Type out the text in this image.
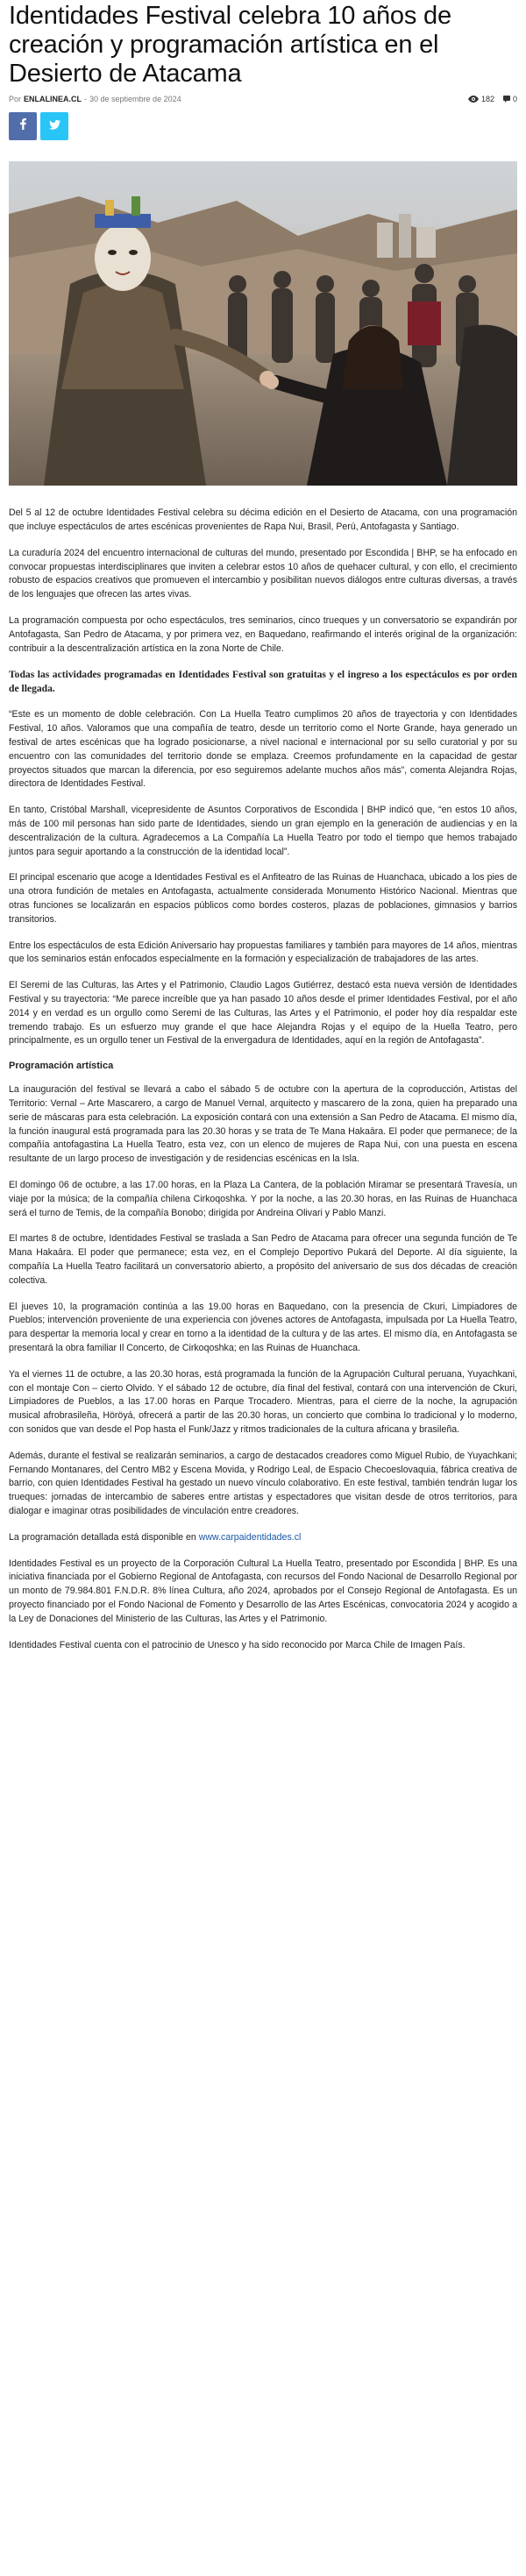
Identidades Festival celebra 10 años de creación y programación artística en el Desierto de Atacama
Por ENLALINEA.CL - 30 de septiembre de 2024	182 0

Del 5 al 12 de octubre Identidades Festival celebra su décima edición en el Desierto de Atacama, con una programación que incluye espectáculos de artes escénicas provenientes de Rapa Nui, Brasil, Perú, Antofagasta y Santiago.

La curaduría 2024 del encuentro internacional de culturas del mundo, presentado por Escondida | BHP, se ha enfocado en convocar propuestas interdisciplinares que inviten a celebrar estos 10 años de quehacer cultural, y con ello, el crecimiento robusto de espacios creativos que promueven el intercambio y posibilitan nuevos diálogos entre culturas diversas, a través de los lenguajes que ofrecen las artes vivas.

La programación compuesta por ocho espectáculos, tres seminarios, cinco trueques y un conversatorio se expandirán por Antofagasta, San Pedro de Atacama, y por primera vez, en Baquedano, reafirmando el interés original de la organización: contribuir a la descentralización artística en la zona Norte de Chile.

Todas las actividades programadas en Identidades Festival son gratuitas y el ingreso a los espectáculos es por orden de llegada.

“Este es un momento de doble celebración. Con La Huella Teatro cumplimos 20 años de trayectoria y con Identidades Festival, 10 años. Valoramos que una compañía de teatro, desde un territorio como el Norte Grande, haya generado un festival de artes escénicas que ha logrado posicionarse, a nivel nacional e internacional por su sello curatorial y por su encuentro con las comunidades del territorio donde se emplaza. Creemos profundamente en la capacidad de gestar proyectos situados que marcan la diferencia, por eso seguiremos adelante muchos años más”, comenta Alejandra Rojas, directora de Identidades Festival.

En tanto, Cristóbal Marshall, vicepresidente de Asuntos Corporativos de Escondida | BHP indicó que, “en estos 10 años, más de 100 mil personas han sido parte de Identidades, siendo un gran ejemplo en la generación de audiencias y en la descentralización de la cultura. Agradecemos a La Compañía La Huella Teatro por todo el tiempo que hemos trabajado juntos para seguir aportando a la construcción de la identidad local”.

El principal escenario que acoge a Identidades Festival es el Anfiteatro de las Ruinas de Huanchaca, ubicado a los pies de una otrora fundición de metales en Antofagasta, actualmente considerada Monumento Histórico Nacional. Mientras que otras funciones se localizarán en espacios públicos como bordes costeros, plazas de poblaciones, gimnasios y barrios transitorios.

Entre los espectáculos de esta Edición Aniversario hay propuestas familiares y también para mayores de 14 años, mientras que los seminarios están enfocados especialmente en la formación y especialización de trabajadores de las artes.

El Seremi de las Culturas, las Artes y el Patrimonio, Claudio Lagos Gutiérrez, destacó esta nueva versión de Identidades Festival y su trayectoria: “Me parece increíble que ya han pasado 10 años desde el primer Identidades Festival, por el año 2014 y en verdad es un orgullo como Seremi de las Culturas, las Artes y el Patrimonio, el poder hoy día respaldar este tremendo trabajo. Es un esfuerzo muy grande el que hace Alejandra Rojas y el equipo de la Huella Teatro, pero principalmente, es un orgullo tener un Festival de la envergadura de Identidades, aquí en la región de Antofagasta”.

Programación artística

La inauguración del festival se llevará a cabo el sábado 5 de octubre con la apertura de la coproducción, Artistas del Territorio: Vernal – Arte Mascarero, a cargo de Manuel Vernal, arquitecto y mascarero de la zona, quien ha preparado una serie de máscaras para esta celebración. La exposición contará con una extensión a San Pedro de Atacama. El mismo día, la función inaugural está programada para las 20.30 horas y se trata de Te Mana Hakaāra. El poder que permanece; de la compañía antofagastina La Huella Teatro, esta vez, con un elenco de mujeres de Rapa Nui, con una puesta en escena resultante de un largo proceso de investigación y de residencias escénicas en la Isla.

El domingo 06 de octubre, a las 17.00 horas, en la Plaza La Cantera, de la población Miramar se presentará Travesía, un viaje por la música; de la compañía chilena Cirkoqoshka. Y por la noche, a las 20.30 horas, en las Ruinas de Huanchaca será el turno de Temis, de la compañía Bonobo; dirigida por Andreina Olivari y Pablo Manzi.

El martes 8 de octubre, Identidades Festival se traslada a San Pedro de Atacama para ofrecer una segunda función de Te Mana Hakaāra. El poder que permanece; esta vez, en el Complejo Deportivo Pukará del Deporte. Al día siguiente, la compañía La Huella Teatro facilitará un conversatorio abierto, a propósito del aniversario de sus dos décadas de creación colectiva.

El jueves 10, la programación continúa a las 19.00 horas en Baquedano, con la presencia de Ckuri, Limpiadores de Pueblos; intervención proveniente de una experiencia con jóvenes actores de Antofagasta, impulsada por La Huella Teatro, para despertar la memoria local y crear en torno a la identidad de la cultura y de las artes. El mismo día, en Antofagasta se presentará la obra familiar Il Concerto, de Cirkoqoshka; en las Ruinas de Huanchaca.

Ya el viernes 11 de octubre, a las 20.30 horas, está programada la función de la Agrupación Cultural peruana, Yuyachkani, con el montaje Con – cierto Olvido. Y el sábado 12 de octubre, día final del festival, contará con una intervención de Ckuri, Limpiadores de Pueblos, a las 17.00 horas en Parque Trocadero. Mientras, para el cierre de la noche, la agrupación musical afrobrasileña, Höröyá, ofrecerá a partir de las 20.30 horas, un concierto que combina lo tradicional y lo moderno, con sonidos que van desde el Pop hasta el Funk/Jazz y ritmos tradicionales de la cultura africana y brasileña.

Además, durante el festival se realizarán seminarios, a cargo de destacados creadores como Miguel Rubio, de Yuyachkani; Fernando Montanares, del Centro MB2 y Escena Movida, y Rodrigo Leal, de Espacio Checoeslovaquia, fábrica creativa de barrio, con quien Identidades Festival ha gestado un nuevo vínculo colaborativo. En este festival, también tendrán lugar los trueques: jornadas de intercambio de saberes entre artistas y espectadores que visitan desde de otros territorios, para dialogar e imaginar otras posibilidades de vinculación entre creadores.

La programación detallada está disponible en www.carpaidentidades.cl

Identidades Festival es un proyecto de la Corporación Cultural La Huella Teatro, presentado por Escondida | BHP. Es una iniciativa financiada por el Gobierno Regional de Antofagasta, con recursos del Fondo Nacional de Desarrollo Regional por un monto de 79.984.801 F.N.D.R. 8% línea Cultura, año 2024, aprobados por el Consejo Regional de Antofagasta. Es un proyecto financiado por el Fondo Nacional de Fomento y Desarrollo de las Artes Escénicas, convocatoria 2024 y acogido a la Ley de Donaciones del Ministerio de las Culturas, las Artes y el Patrimonio.

Identidades Festival cuenta con el patrocinio de Unesco y ha sido reconocido por Marca Chile de Imagen País.
